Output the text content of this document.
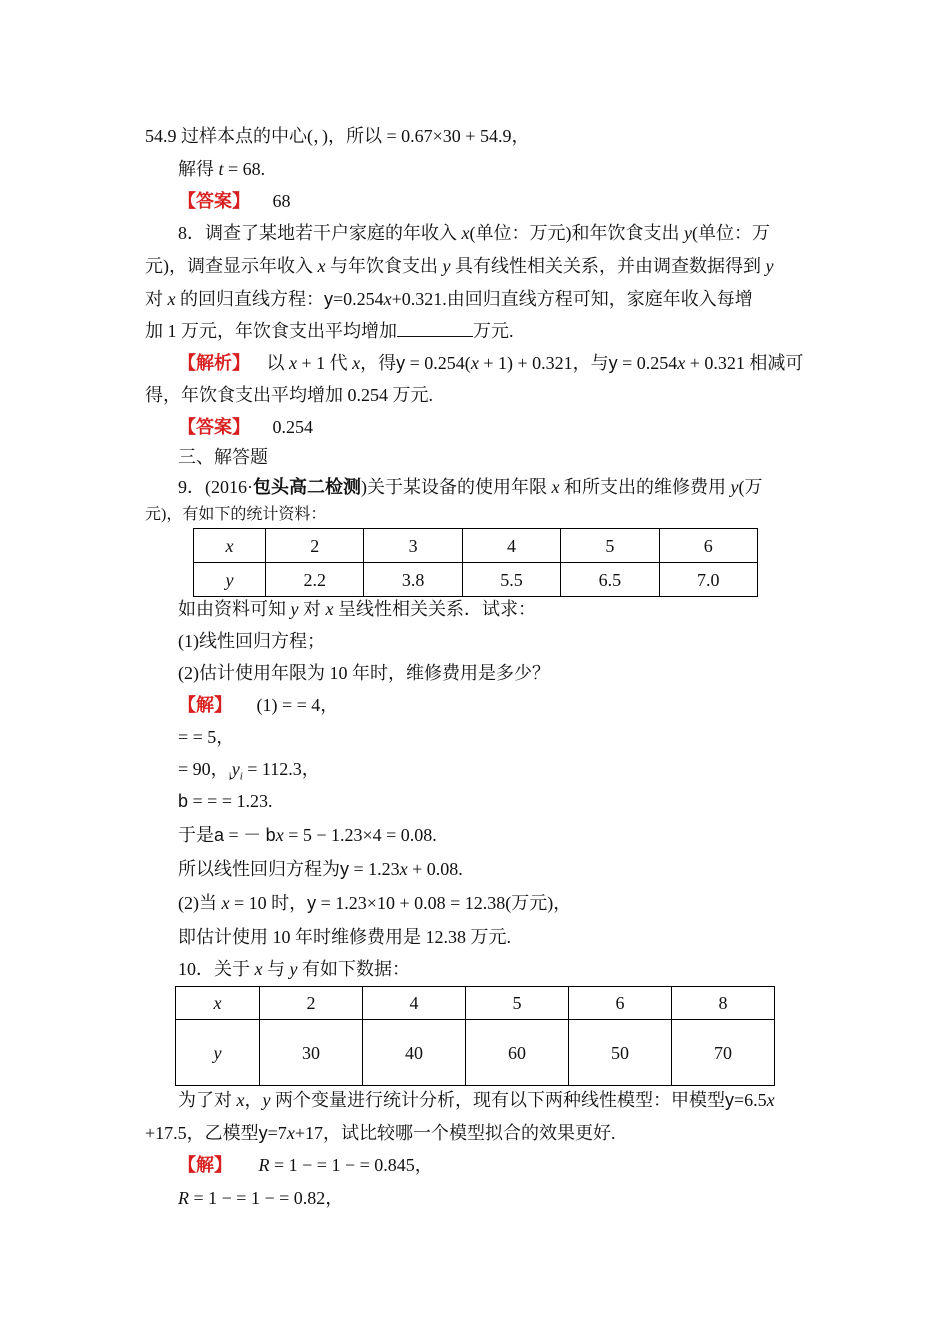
54.9 过样本点的中心(，)，所以 = 0.67×30 + 54.9，
解得 t = 68.
【答案】 68
8．调查了某地若干户家庭的年收入 x(单位：万元)和年饮食支出 y(单位：万
元)，调查显示年收入 x 与年饮食支出 y 具有线性相关关系，并由调查数据得到 y
对 x 的回归直线方程：y=0.254x+0.321.由回归直线方程可知，家庭年收入每增
加 1 万元，年饮食支出平均增加	万元.
【解析】 以 x + 1 代 x，得y = 0.254(x + 1) + 0.321，与y = 0.254x + 0.321 相减可
得，年饮食支出平均增加 0.254 万元.
【答案】 0.254
三、解答题
9．(2016·包头高二检测)关于某设备的使用年限 x 和所支出的维修费用 y(万
元)，有如下的统计资料：
x	2	3	4	5	6
y	2.2	3.8	5.5	6.5	7.0
如由资料可知 y 对 x 呈线性相关关系．试求：
(1)线性回归方程；
(2)估计使用年限为 10 年时，维修费用是多少？
【解】 (1) = = 4，
= = 5，
= 90，$_iy_i = 112.3$，
b = = = 1.23.
于是a = － bx = 5 − 1.23×4 = 0.08.
所以线性回归方程为y = 1.23x + 0.08.
(2)当 x = 10 时，y = 1.23×10 + 0.08 = 12.38(万元)，
即估计使用 10 年时维修费用是 12.38 万元.
10．关于 x 与 y 有如下数据：
x	2	4	5	6	8
y	30	40	60	50	70
为了对 x，y 两个变量进行统计分析，现有以下两种线性模型：甲模型y=6.5x
+17.5，乙模型y=7x+17，试比较哪一个模型拟合的效果更好.
【解】 R = 1 − = 1 − = 0.845，
R = 1 − = 1 − = 0.82，
